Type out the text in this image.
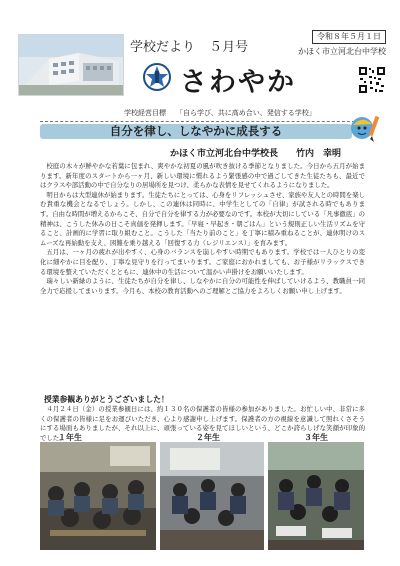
学校だより ５月号
令和８年５月１日
かほく市立河北台中学校
さわやか
学校経営目標 「自ら学び、共に高め合い、発信する学校」
自分を律し、しなやかに成長する
かほく市立河北台中学校長 竹内　幸明

校庭の木々が鮮やかな若葉に包まれ、爽やかな初夏の風が吹き抜ける季節となりました。今日から五月が始まります。新年度のスタートから一ヶ月、新しい環境に慣れるよう緊張感の中で過ごしてきた生徒たちも、最近ではクラスや部活動の中で自分なりの居場所を見つけ、柔らかな表情を見せてくれるようになりました。

明日からは大型連休が始まります。生徒たちにとっては、心身をリフレッシュさせ、家族や友人との時間を楽しむ貴重な機会となるでしょう。しかし、この連休は同時に、中学生としての「自律」が試される時でもあります。自由な時間が増えるからこそ、自分で自分を律する力が必要なのです。本校が大切にしている「凡事徹底」の精神は、こうした休みの日こそ真価を発揮します。「早寝・早起き・朝ごはん」という規則正しい生活リズムを守ること、計画的に学習に取り組むこと。こうした「当たり前のこと」を丁寧に積み重ねることが、連休明けのスムーズな再始動を支え、困難を乗り越える「回復する力（レジリエンス）」を育みます。

五月は、一ヶ月の疲れが出やすく、心身のバランスを崩しやすい時期でもあります。学校では一人ひとりの変化に細やかに目を配り、丁寧な見守りを行ってまいります。ご家庭におかれましても、お子様がリラックスできる環境を整えていただくとともに、連休中の生活について温かい声掛けをお願いいたします。

瑞々しい新緑のように、生徒たちが自分を律し、しなやかに自分の可能性を伸ばしていけるよう、教職員一同全力で応援してまいります。今月も、本校の教育活動へのご理解とご協力をよろしくお願い申し上げます。

授業参観ありがとうございました！

４月２４日（金）の授業参観日には、約１３０名の保護者の皆様の参加がありました。お忙しい中、非常に多くの保護者の皆様に足をお運びいただき、心より感謝申し上げます。保護者の方の視線を意識して照れくさそうにする場面もありましたが、それ以上に、頑張っている姿を見てほしいという、どこか誇らしげな笑顔が印象的でした。

１年生	２年生	３年生
